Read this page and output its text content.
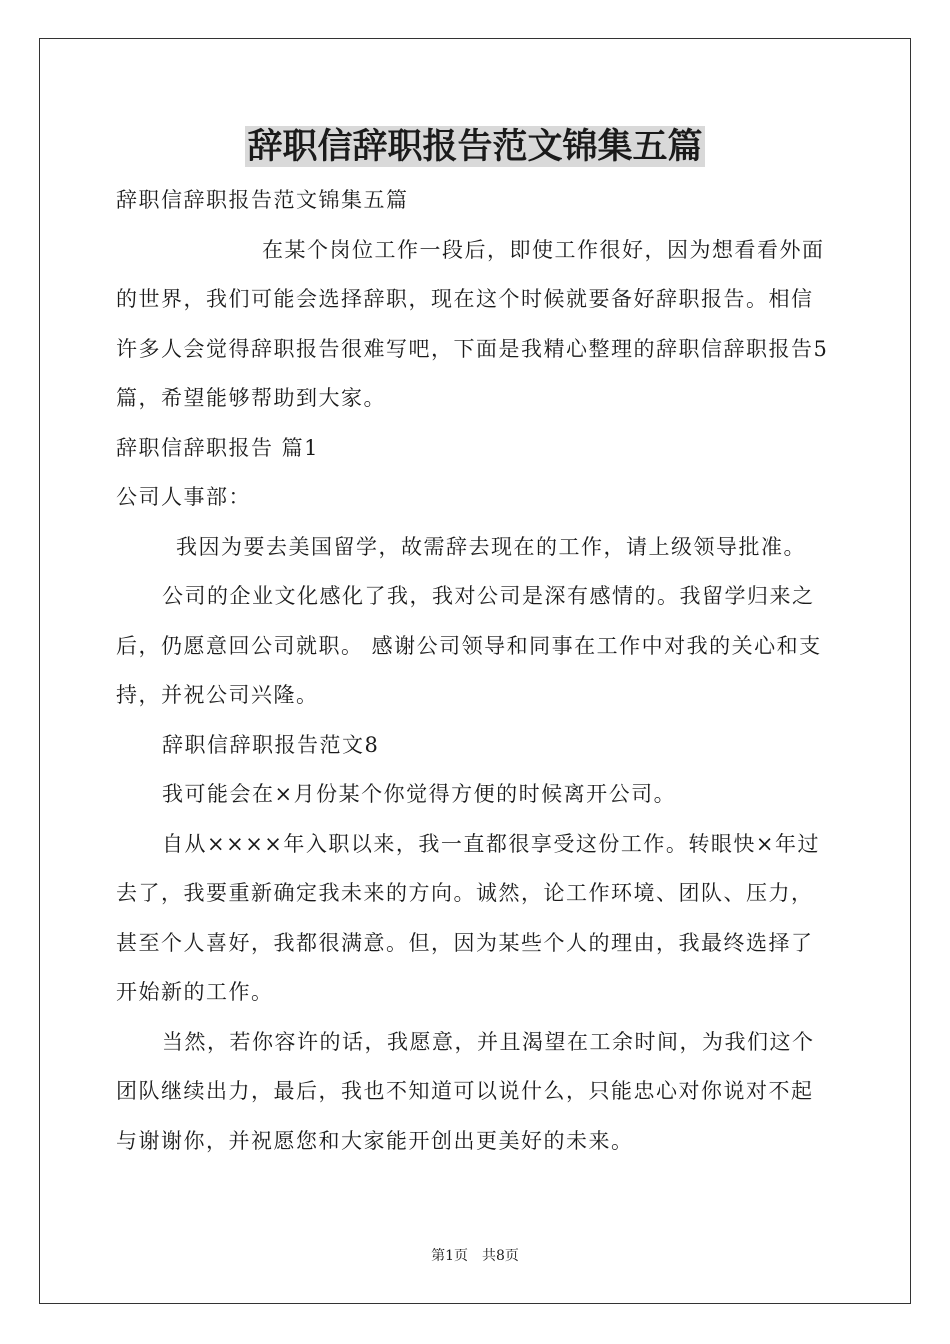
辞职信辞职报告范文锦集五篇

辞职信辞职报告范文锦集五篇

在某个岗位工作一段后，即使工作很好，因为想看看外面的世界，我们可能会选择辞职，现在这个时候就要备好辞职报告。相信许多人会觉得辞职报告很难写吧，下面是我精心整理的辞职信辞职报告5篇，希望能够帮助到大家。

辞职信辞职报告 篇1

公司人事部：

我因为要去美国留学，故需辞去现在的工作，请上级领导批准。

公司的企业文化感化了我，我对公司是深有感情的。我留学归来之后，仍愿意回公司就职。 感谢公司领导和同事在工作中对我的关心和支持，并祝公司兴隆。

辞职信辞职报告范文8

我可能会在×月份某个你觉得方便的时候离开公司。

自从××××年入职以来，我一直都很享受这份工作。转眼快×年过去了，我要重新确定我未来的方向。诚然，论工作环境、团队、压力，甚至个人喜好，我都很满意。但，因为某些个人的理由，我最终选择了开始新的工作。

当然，若你容许的话，我愿意，并且渴望在工余时间，为我们这个团队继续出力，最后，我也不知道可以说什么，只能忠心对你说对不起与谢谢你，并祝愿您和大家能开创出更美好的未来。

第1页　共8页
